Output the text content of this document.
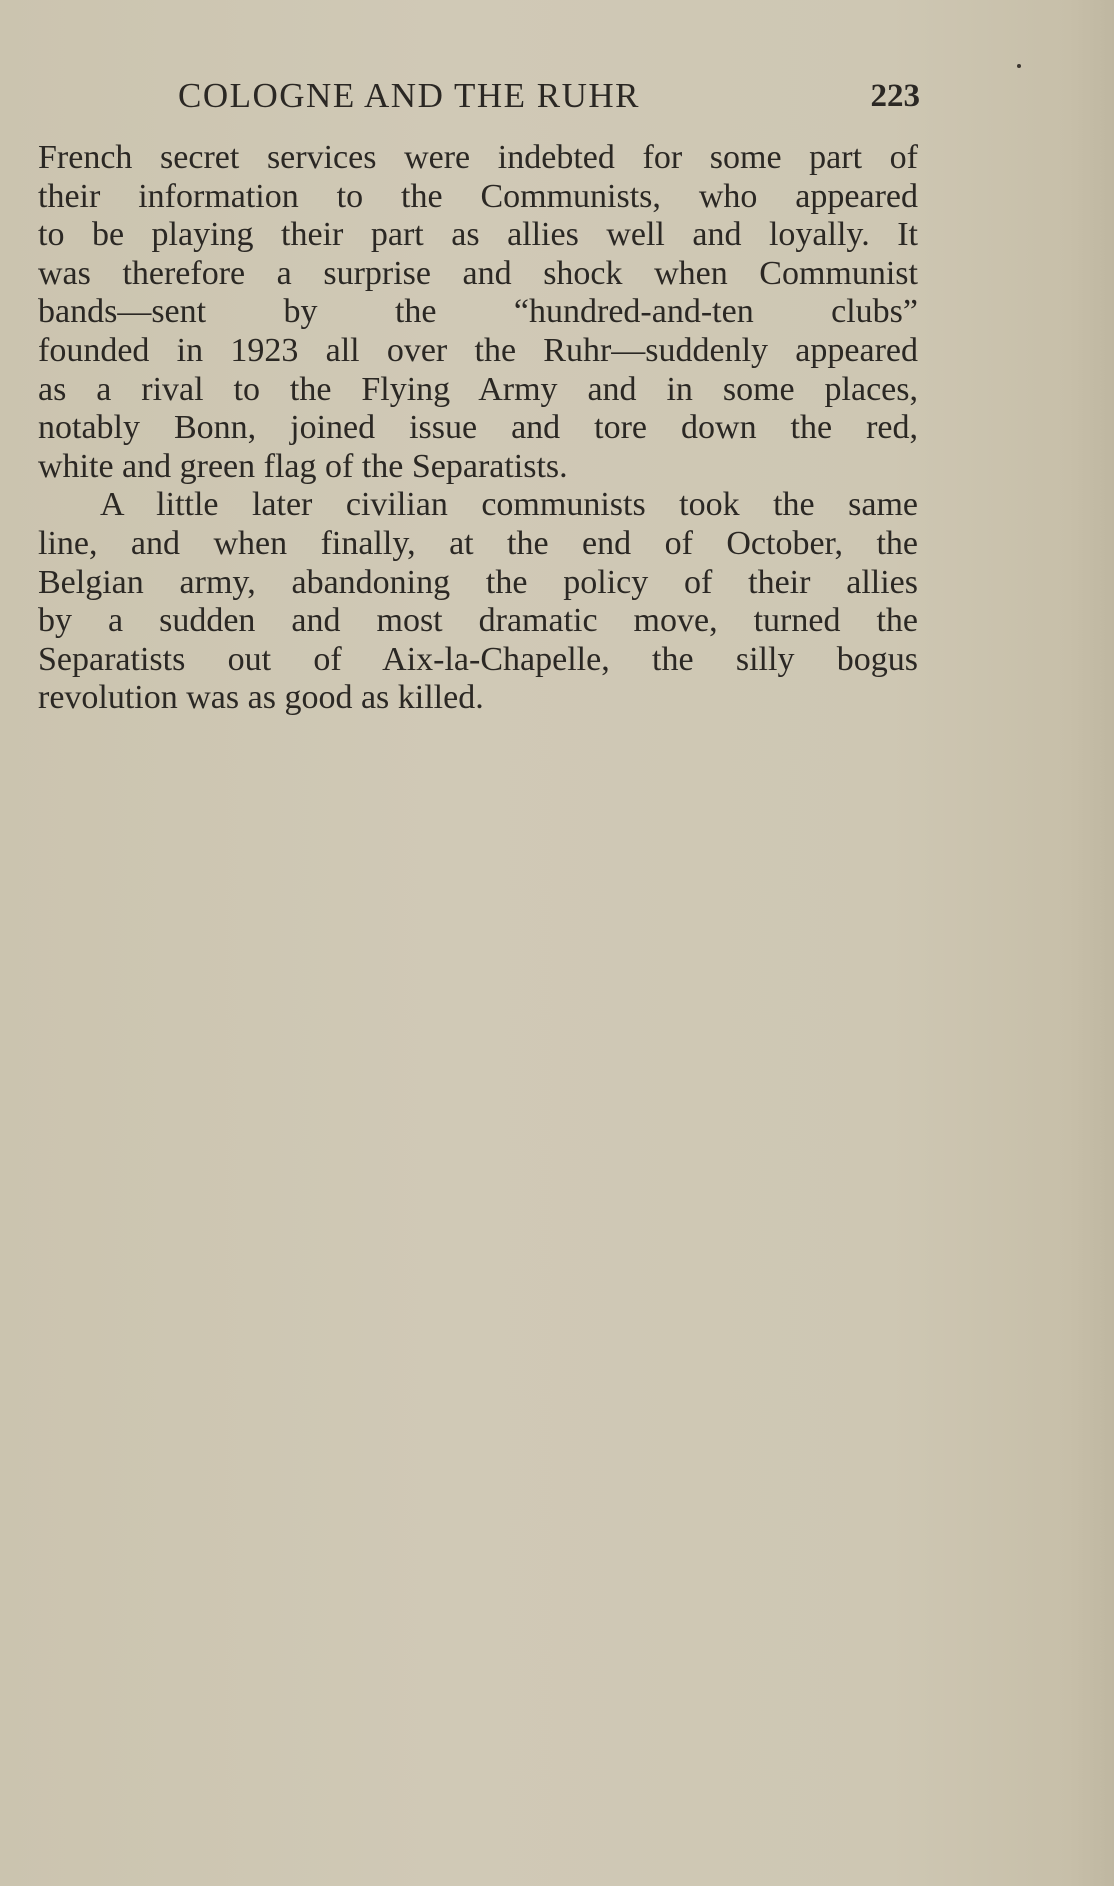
COLOGNE AND THE RUHR	223
French secret services were indebted for some part of
their information to the Communists, who appeared
to be playing their part as allies well and loyally. It
was therefore a surprise and shock when Communist
bands—sent by the “hundred-and-ten clubs”
founded in 1923 all over the Ruhr—suddenly appeared
as a rival to the Flying Army and in some places,
notably Bonn, joined issue and tore down the red,
white and green flag of the Separatists.
A little later civilian communists took the same
line, and when finally, at the end of October, the
Belgian army, abandoning the policy of their allies
by a sudden and most dramatic move, turned the
Separatists out of Aix-la-Chapelle, the silly bogus
revolution was as good as killed.
